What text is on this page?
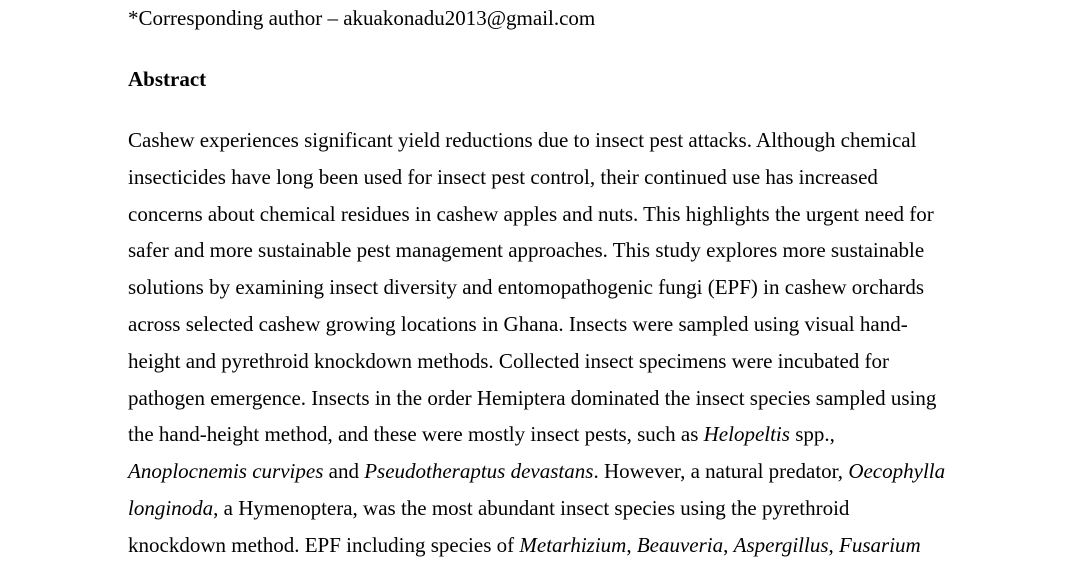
*Corresponding author – akuakonadu2013@gmail.com
Abstract
Cashew experiences significant yield reductions due to insect pest attacks. Although chemical
insecticides have long been used for insect pest control, their continued use has increased
concerns about chemical residues in cashew apples and nuts. This highlights the urgent need for
safer and more sustainable pest management approaches. This study explores more sustainable
solutions by examining insect diversity and entomopathogenic fungi (EPF) in cashew orchards
across selected cashew growing locations in Ghana. Insects were sampled using visual hand-
height and pyrethroid knockdown methods. Collected insect specimens were incubated for
pathogen emergence. Insects in the order Hemiptera dominated the insect species sampled using
the hand-height method, and these were mostly insect pests, such as Helopeltis spp.,
Anoplocnemis curvipes and Pseudotheraptus devastans. However, a natural predator, Oecophylla
longinoda, a Hymenoptera, was the most abundant insect species using the pyrethroid
knockdown method. EPF including species of Metarhizium, Beauveria, Aspergillus, Fusarium
